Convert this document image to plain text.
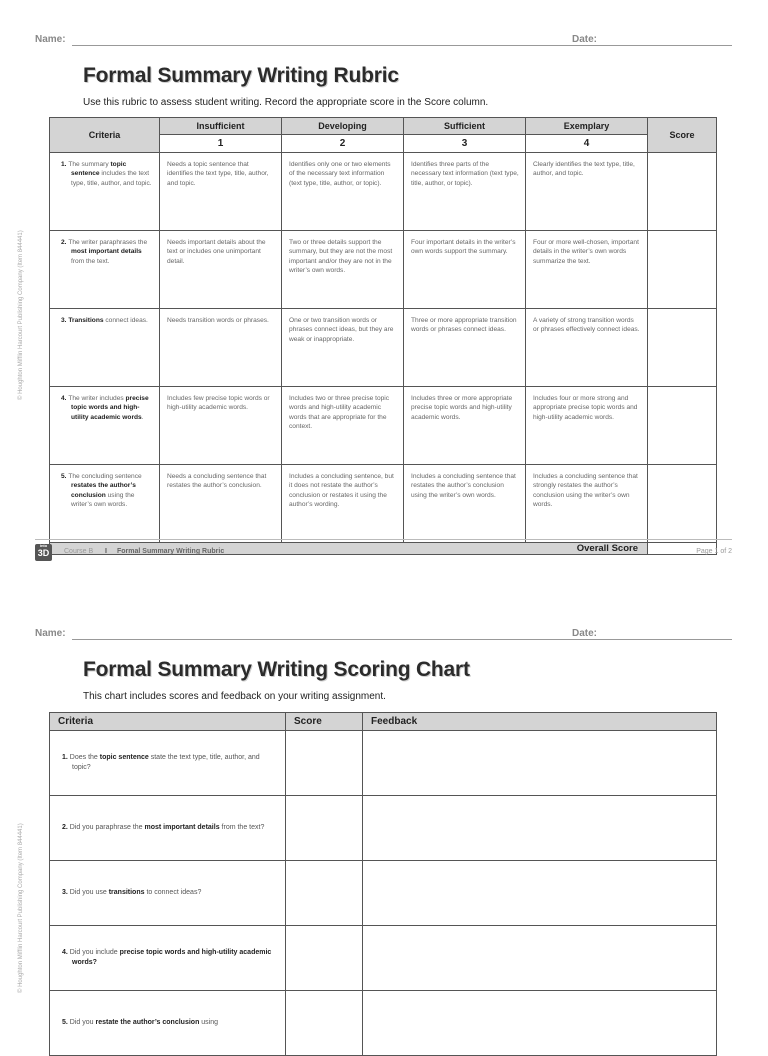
Name:	Date:
Formal Summary Writing Rubric
Use this rubric to assess student writing. Record the appropriate score in the Score column.
© Houghton Mifflin Harcourt Publishing Company (Item 844441)
Criteria	Insufficient	Developing	Sufficient	Exemplary	Score
	1	2	3	4	
1. The summary topic sentence includes the text type, title, author, and topic.	Needs a topic sentence that identifies the text type, title, author, and topic.	Identifies only one or two elements of the necessary text information (text type, title, author, or topic).	Identifies three parts of the necessary text information (text type, title, author, or topic).	Clearly identifies the text type, title, author, and topic.	
2. The writer paraphrases the most important details from the text.	Needs important details about the text or includes one unimportant detail.	Two or three details support the summary, but they are not the most important and/or they are not in the writer’s own words.	Four important details in the writer’s own words support the summary.	Four or more well-chosen, important details in the writer’s own words summarize the text.	
3. Transitions connect ideas.	Needs transition words or phrases.	One or two transition words or phrases connect ideas, but they are weak or inappropriate.	Three or more appropriate transition words or phrases connect ideas.	A variety of strong transition words or phrases effectively connect ideas.	
4. The writer includes precise topic words and high-utility academic words.	Includes few precise topic words or high-utility academic words.	Includes two or three precise topic words and high-utility academic words that are appropriate for the context.	Includes three or more appropriate precise topic words and high-utility academic words.	Includes four or more strong and appropriate precise topic words and high-utility academic words.	
5. The concluding sentence restates the author’s conclusion using the writer’s own words.	Needs a concluding sentence that restates the author’s conclusion.	Includes a concluding sentence, but it does not restate the author’s conclusion or restates it using the author’s wording.	Includes a concluding sentence that restates the author’s conclusion using the writer’s own words.	Includes a concluding sentence that strongly restates the author’s conclusion using the writer’s own words.	
Overall Score					
into
3D	Course B I Formal Summary Writing Rubric	Page 1 of 2
Name:	Date:
Formal Summary Writing Scoring Chart
This chart includes scores and feedback on your writing assignment.
© Houghton Mifflin Harcourt Publishing Company (Item 844441)
Criteria	Score	Feedback
1. Does the topic sentence state the text type, title, author, and topic?		
2. Did you paraphrase the most important details from the text?		
3. Did you use transitions to connect ideas?		
4. Did you include precise topic words and high-utility academic words?		
5. Did you restate the author’s conclusion using		
